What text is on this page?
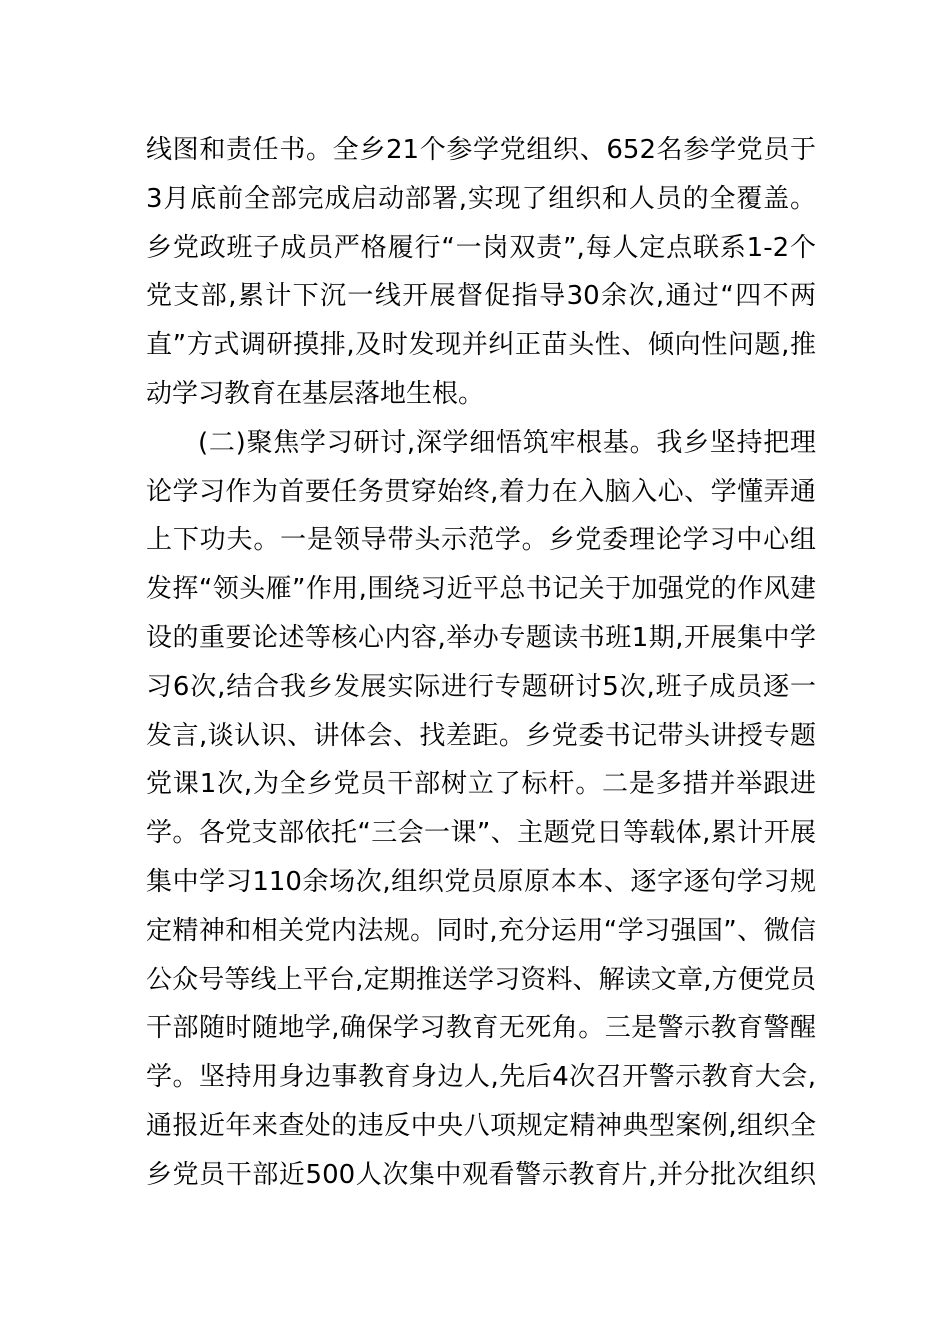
线图和责任书。全乡21个参学党组织、652名参学党员于
3月底前全部完成启动部署,实现了组织和人员的全覆盖。
乡党政班子成员严格履行“一岗双责”,每人定点联系1-2个
党支部,累计下沉一线开展督促指导30余次,通过“四不两
直”方式调研摸排,及时发现并纠正苗头性、倾向性问题,推
动学习教育在基层落地生根。
(二)聚焦学习研讨,深学细悟筑牢根基。我乡坚持把理
论学习作为首要任务贯穿始终,着力在入脑入心、学懂弄通
上下功夫。一是领导带头示范学。乡党委理论学习中心组
发挥“领头雁”作用,围绕习近平总书记关于加强党的作风建
设的重要论述等核心内容,举办专题读书班1期,开展集中学
习6次,结合我乡发展实际进行专题研讨5次,班子成员逐一
发言,谈认识、讲体会、找差距。乡党委书记带头讲授专题
党课1次,为全乡党员干部树立了标杆。二是多措并举跟进
学。各党支部依托“三会一课”、主题党日等载体,累计开展
集中学习110余场次,组织党员原原本本、逐字逐句学习规
定精神和相关党内法规。同时,充分运用“学习强国”、微信
公众号等线上平台,定期推送学习资料、解读文章,方便党员
干部随时随地学,确保学习教育无死角。三是警示教育警醒
学。坚持用身边事教育身边人,先后4次召开警示教育大会,
通报近年来查处的违反中央八项规定精神典型案例,组织全
乡党员干部近500人次集中观看警示教育片,并分批次组织
